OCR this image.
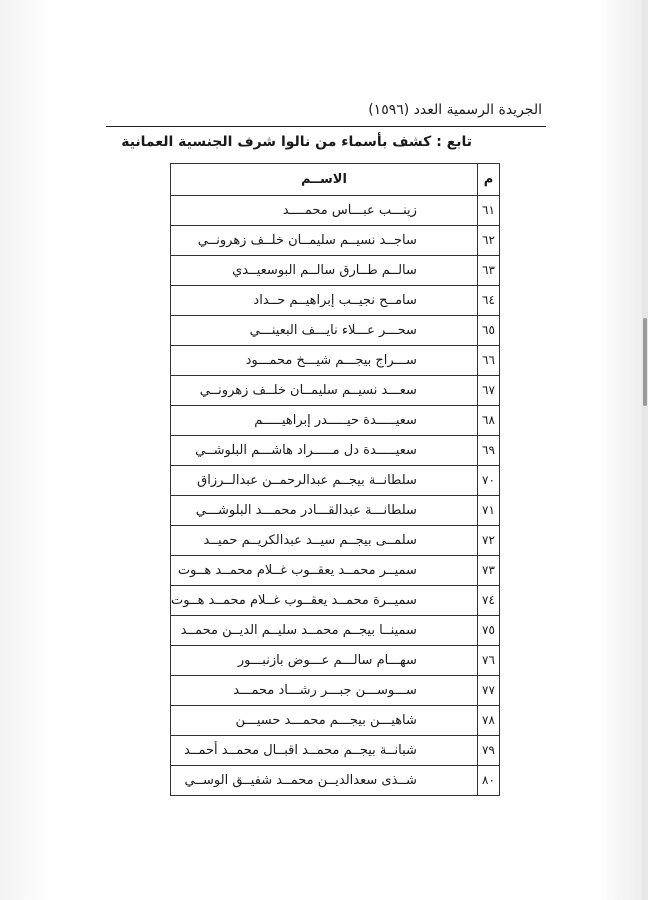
الجريدة الرسمية العدد (١٥٩٦)
تابع : كشف بأسماء من نالوا شرف الجنسية العمانية
م	الاســم
٦١	زينـــب عبـــاس محمــــد
٦٢	ساجــد نسيــم سليمــان خلــف زهرونــي
٦٣	سالــم طــارق سالــم البوسعيــدي
٦٤	سامــح نجيــب إبراهيــم حــداد
٦٥	سحـــر عـــلاء نايـــف البعينـــي
٦٦	ســـراج بيجـــم شيـــخ محمـــود
٦٧	سعـــد نسيــم سليمــان خلــف زهرونــي
٦٨	سعيـــــدة حيـــــدر إبراهيـــــم
٦٩	سعيـــــدة دل مـــــراد هاشـــم البلوشــي
٧٠	سلطانــة بيجــم عبدالرحمــن عبدالــرزاق
٧١	سلطانـــة عبدالقـــادر محمـــد البلوشـــي
٧٢	سلمــى بيجــم سيــد عبدالكريــم حميــد
٧٣	سميــر محمــد يعقــوب غــلام محمــد هــوت
٧٤	سميــرة محمــد يعقــوب غــلام محمــد هــوت
٧٥	سمينــا بيجــم محمــد سليــم الديــن محمــد
٧٦	سهـــام سالـــم عـــوض بازنبـــور
٧٧	ســـوســـن جبـــر رشـــاد محمـــد
٧٨	شاهيـــن بيجـــم محمـــد حسيـــن
٧٩	شبانــة بيجــم محمــد اقبــال محمــد أحمــد
٨٠	شــذى سعدالديــن محمــد شفيــق الوســي
